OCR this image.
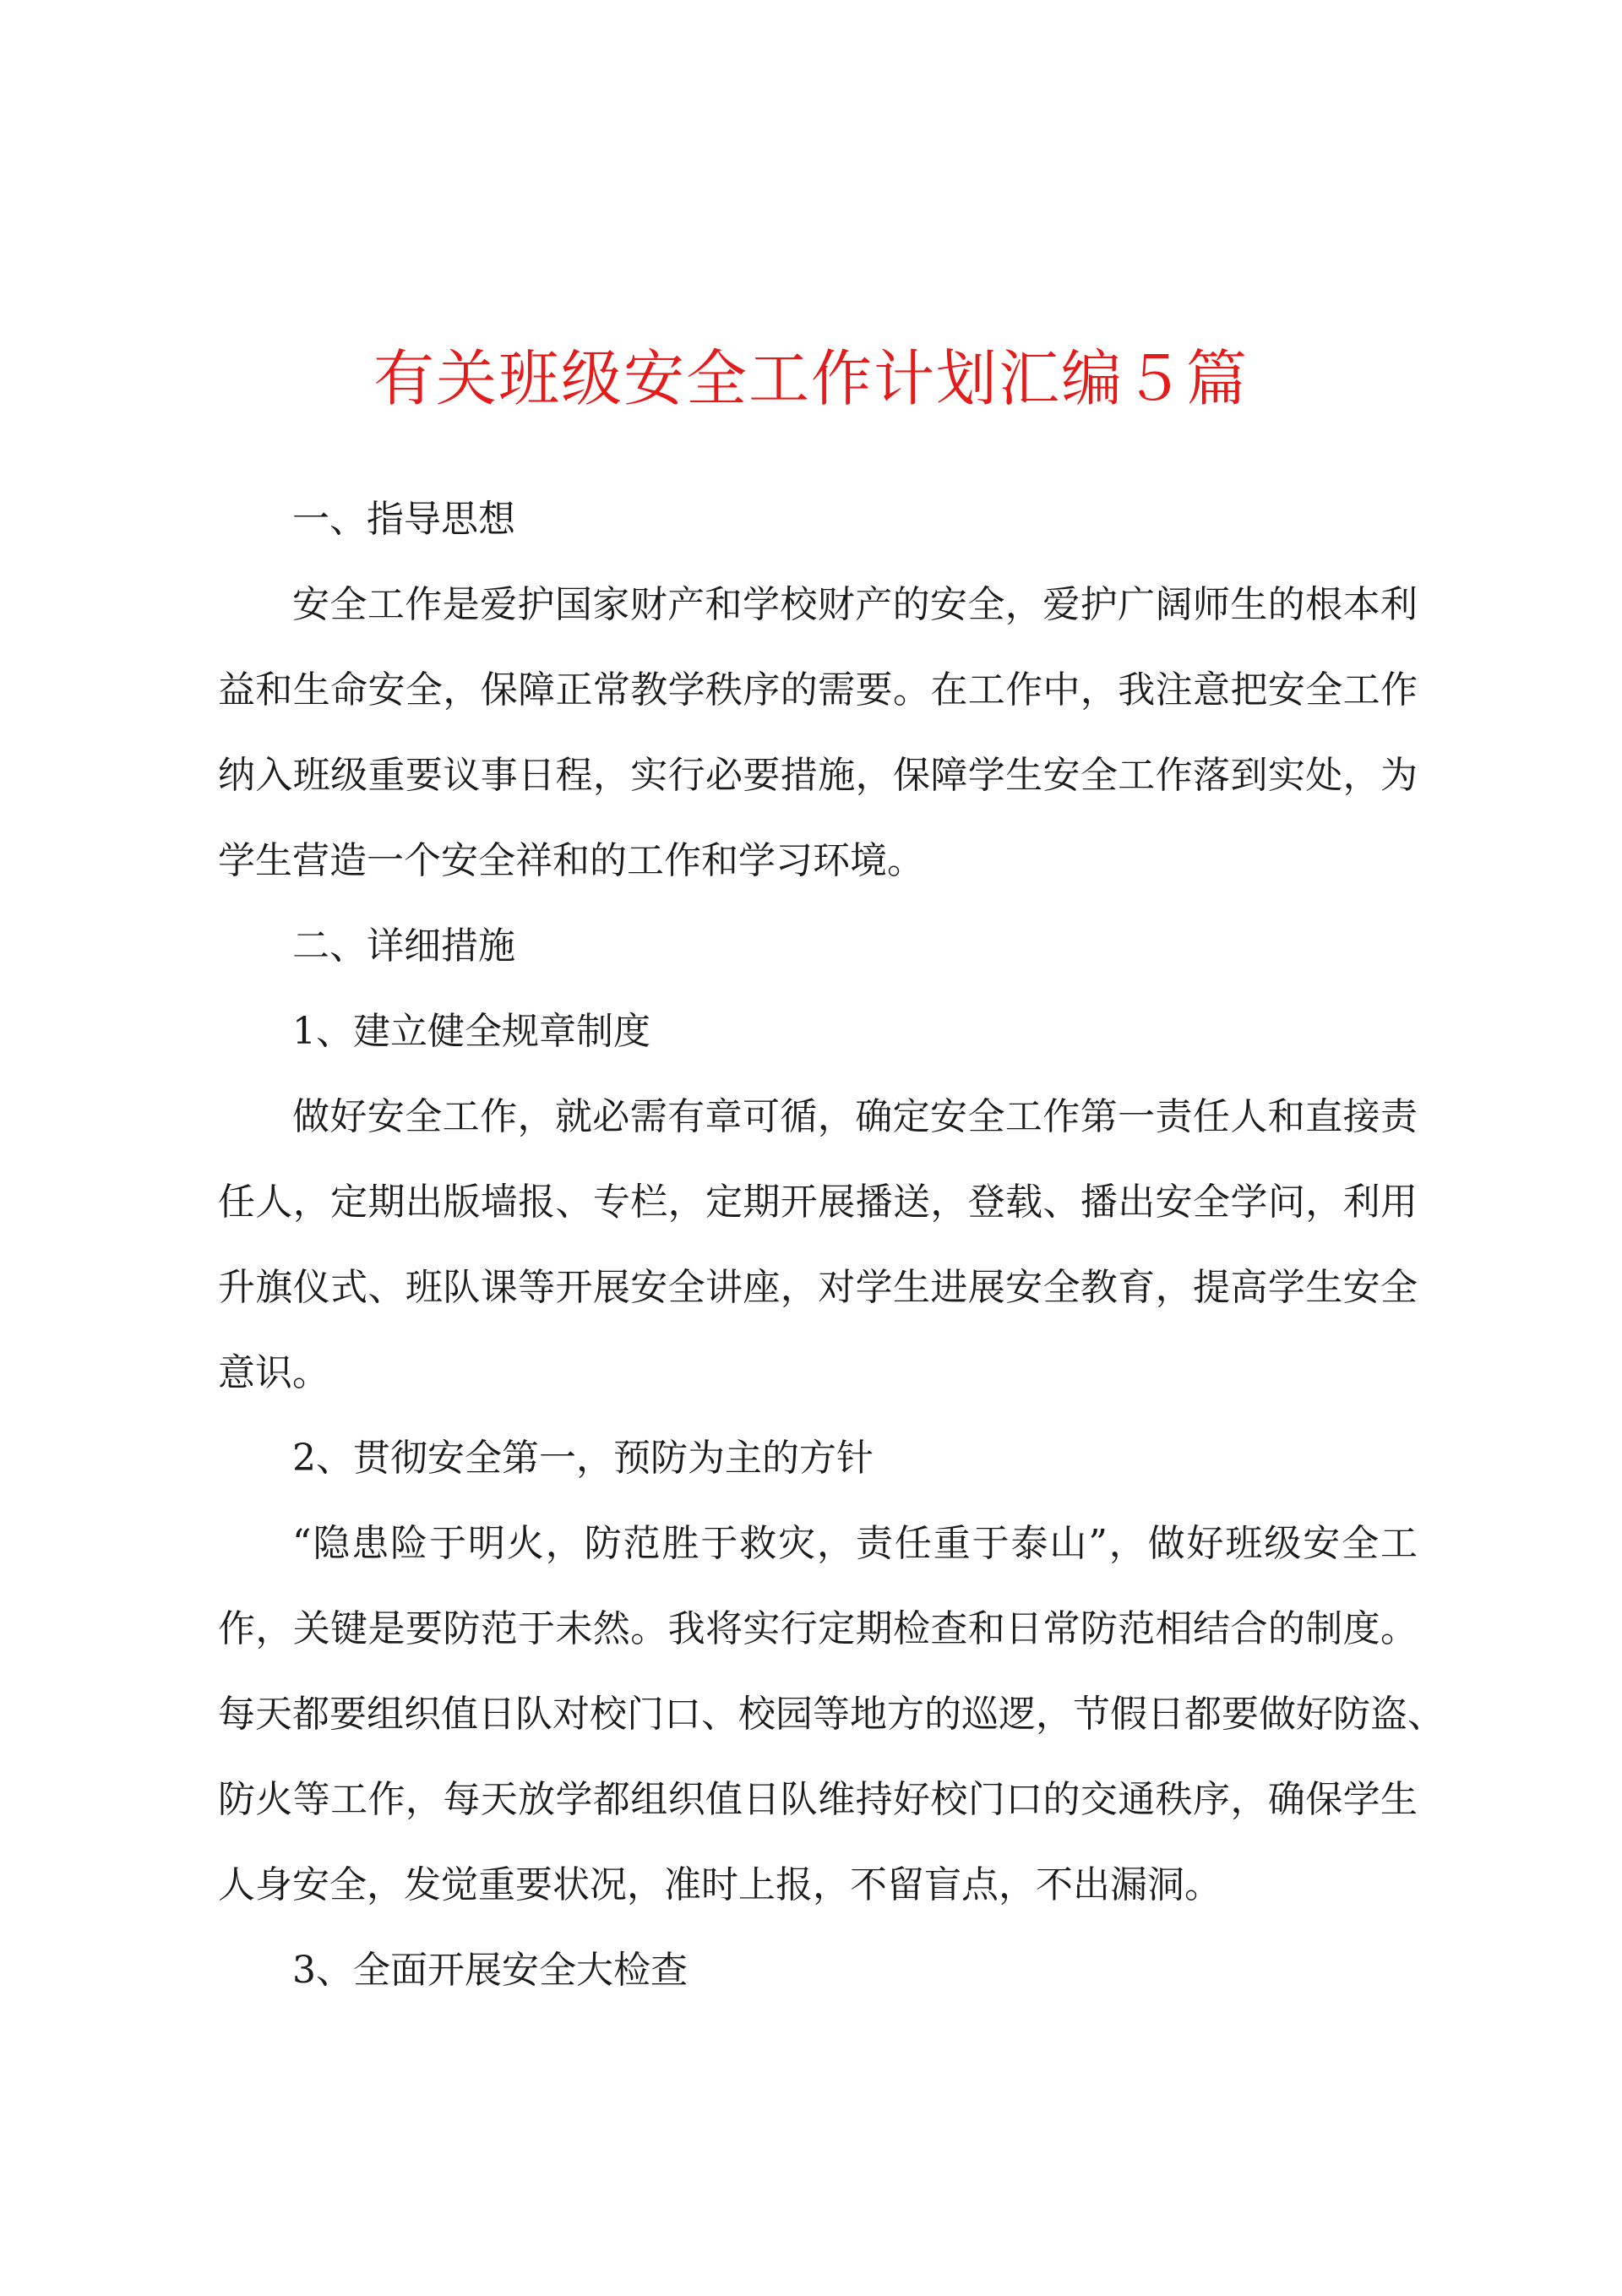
有关班级安全工作计划汇编５篇
一、指导思想
安全工作是爱护国家财产和学校财产的安全，爱护广阔师生的根本利
益和生命安全，保障正常教学秩序的需要。在工作中，我注意把安全工作
纳入班级重要议事日程，实行必要措施，保障学生安全工作落到实处，为
学生营造一个安全祥和的工作和学习环境。
二、详细措施
1、建立健全规章制度
做好安全工作，就必需有章可循，确定安全工作第一责任人和直接责
任人，定期出版墙报、专栏，定期开展播送，登载、播出安全学问，利用
升旗仪式、班队课等开展安全讲座，对学生进展安全教育，提高学生安全
意识。
2、贯彻安全第一，预防为主的方针
“隐患险于明火，防范胜于救灾，责任重于泰山”，做好班级安全工
作，关键是要防范于未然。我将实行定期检查和日常防范相结合的制度。
每天都要组织值日队对校门口、校园等地方的巡逻，节假日都要做好防盗、
防火等工作，每天放学都组织值日队维持好校门口的交通秩序，确保学生
人身安全，发觉重要状况，准时上报，不留盲点，不出漏洞。
3、全面开展安全大检查
